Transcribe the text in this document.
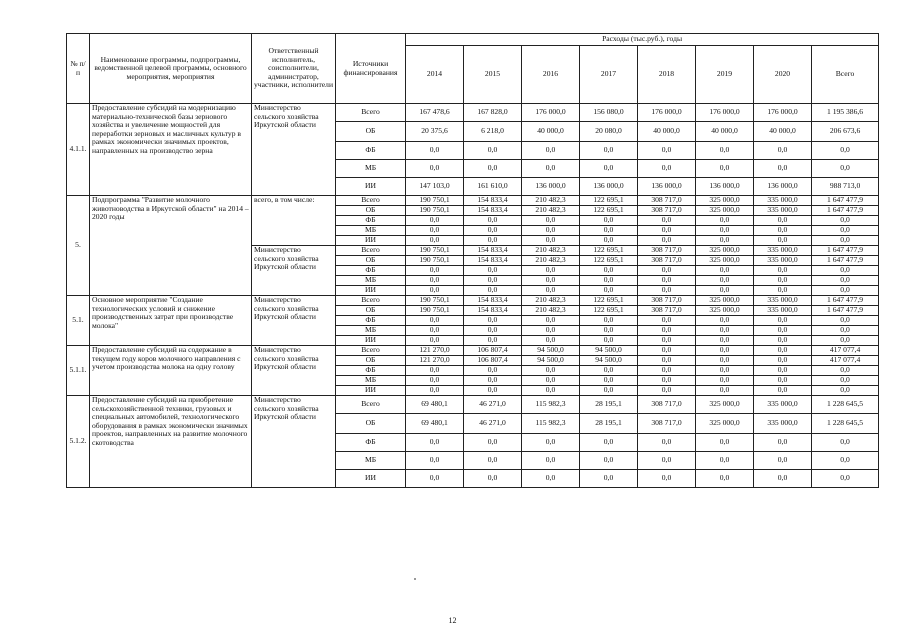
№ п/п	Наименование программы, подпрограммы, ведомственной целевой программы, основного мероприятия, мероприятия	Ответственный исполнитель, соисполнители, администратор, участники, исполнители	Источники финансирования	Расходы (тыс.руб.), годы							
				2014	2015	2016	2017	2018	2019	2020	Всего
4.1.1.	Предоставление субсидий на модернизацию материально-технической базы зернового хозяйства и увеличение мощностей для переработки зерновых и масличных культур в рамках экономически значимых проектов, направленных на производство зерна	Министерство сельского хозяйства Иркутской области	Всего	167 478,6	167 828,0	176 000,0	156 080,0	176 000,0	176 000,0	176 000,0	1 195 386,6
			ОБ	20 375,6	6 218,0	40 000,0	20 080,0	40 000,0	40 000,0	40 000,0	206 673,6
			ФБ	0,0	0,0	0,0	0,0	0,0	0,0	0,0	0,0
			МБ	0,0	0,0	0,0	0,0	0,0	0,0	0,0	0,0
			ИИ	147 103,0	161 610,0	136 000,0	136 000,0	136 000,0	136 000,0	136 000,0	988 713,0
5.	Подпрограмма "Развитие молочного животноводства в Иркутской области" на 2014 – 2020 годы	всего, в том числе:	Всего	190 750,1	154 833,4	210 482,3	122 695,1	308 717,0	325 000,0	335 000,0	1 647 477,9
			ОБ	190 750,1	154 833,4	210 482,3	122 695,1	308 717,0	325 000,0	335 000,0	1 647 477,9
			ФБ	0,0	0,0	0,0	0,0	0,0	0,0	0,0	0,0
			МБ	0,0	0,0	0,0	0,0	0,0	0,0	0,0	0,0
			ИИ	0,0	0,0	0,0	0,0	0,0	0,0	0,0	0,0
		Министерство сельского хозяйства Иркутской области	Всего	190 750,1	154 833,4	210 482,3	122 695,1	308 717,0	325 000,0	335 000,0	1 647 477,9
			ОБ	190 750,1	154 833,4	210 482,3	122 695,1	308 717,0	325 000,0	335 000,0	1 647 477,9
			ФБ	0,0	0,0	0,0	0,0	0,0	0,0	0,0	0,0
			МБ	0,0	0,0	0,0	0,0	0,0	0,0	0,0	0,0
			ИИ	0,0	0,0	0,0	0,0	0,0	0,0	0,0	0,0
5.1.	Основное мероприятие "Создание технологических условий и снижение производственных затрат при производстве молока"	Министерство сельского хозяйства Иркутской области	Всего	190 750,1	154 833,4	210 482,3	122 695,1	308 717,0	325 000,0	335 000,0	1 647 477,9
			ОБ	190 750,1	154 833,4	210 482,3	122 695,1	308 717,0	325 000,0	335 000,0	1 647 477,9
			ФБ	0,0	0,0	0,0	0,0	0,0	0,0	0,0	0,0
			МБ	0,0	0,0	0,0	0,0	0,0	0,0	0,0	0,0
			ИИ	0,0	0,0	0,0	0,0	0,0	0,0	0,0	0,0
5.1.1.	Предоставление субсидий на содержание в текущем году коров молочного направления с учетом производства молока на одну голову	Министерство сельского хозяйства Иркутской области	Всего	121 270,0	106 807,4	94 500,0	94 500,0	0,0	0,0	0,0	417 077,4
			ОБ	121 270,0	106 807,4	94 500,0	94 500,0	0,0	0,0	0,0	417 077,4
			ФБ	0,0	0,0	0,0	0,0	0,0	0,0	0,0	0,0
			МБ	0,0	0,0	0,0	0,0	0,0	0,0	0,0	0,0
			ИИ	0,0	0,0	0,0	0,0	0,0	0,0	0,0	0,0
5.1.2.	Предоставление субсидий на приобретение сельскохозяйственной техники, грузовых и специальных автомобилей, технологического оборудования в рамках экономически значимых проектов, направленных на развитие молочного скотоводства	Министерство сельского хозяйства Иркутской области	Всего	69 480,1	46 271,0	115 982,3	28 195,1	308 717,0	325 000,0	335 000,0	1 228 645,5
			ОБ	69 480,1	46 271,0	115 982,3	28 195,1	308 717,0	325 000,0	335 000,0	1 228 645,5
			ФБ	0,0	0,0	0,0	0,0	0,0	0,0	0,0	0,0
			МБ	0,0	0,0	0,0	0,0	0,0	0,0	0,0	0,0
			ИИ	0,0	0,0	0,0	0,0	0,0	0,0	0,0	0,0
12
